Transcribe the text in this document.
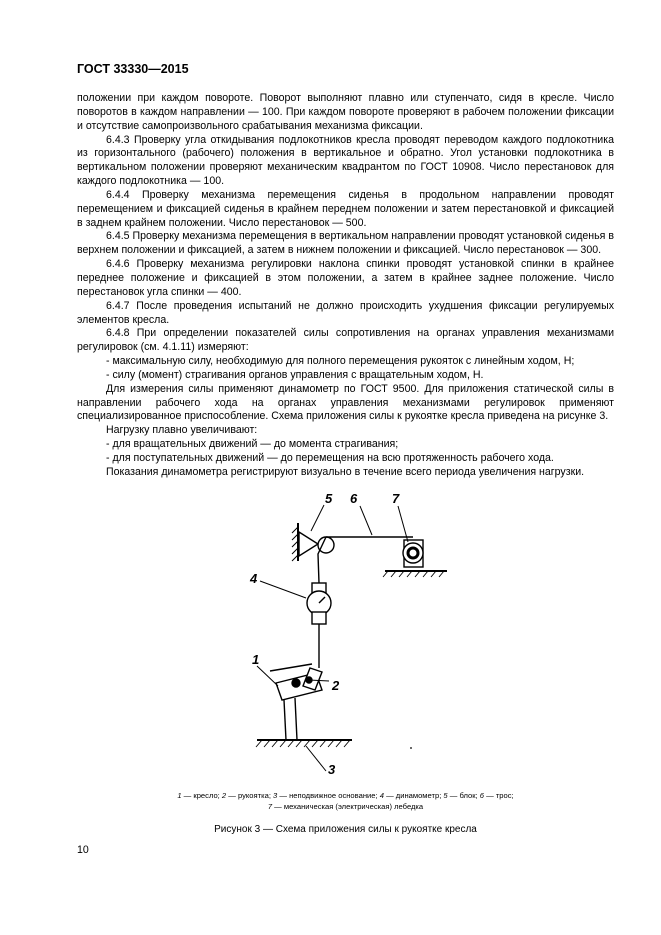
ГОСТ 33330—2015

положении при каждом повороте. Поворот выполняют плавно или ступенчато, сидя в кресле. Число поворотов в каждом направлении — 100. При каждом повороте проверяют в рабочем положении фиксации и отсутствие самопроизвольного срабатывания механизма фиксации.

6.4.3 Проверку угла откидывания подлокотников кресла проводят переводом каждого подлокотника из горизонтального (рабочего) положения в вертикальное и обратно. Угол установки подлокотника в вертикальном положении проверяют механическим квадрантом по ГОСТ 10908. Число перестановок для каждого подлокотника — 100.

6.4.4 Проверку механизма перемещения сиденья в продольном направлении проводят перемещением и фиксацией сиденья в крайнем переднем положении и затем перестановкой и фиксацией в заднем крайнем положении. Число перестановок — 500.

6.4.5 Проверку механизма перемещения в вертикальном направлении проводят установкой сиденья в верхнем положении и фиксацией, а затем в нижнем положении и фиксацией. Число перестановок — 300.

6.4.6 Проверку механизма регулировки наклона спинки проводят установкой спинки в крайнее переднее положение и фиксацией в этом положении, а затем в крайнее заднее положение. Число перестановок угла спинки — 400.

6.4.7 После проведения испытаний не должно происходить ухудшения фиксации регулируемых элементов кресла.

6.4.8 При определении показателей силы сопротивления на органах управления механизмами регулировок (см. 4.1.11) измеряют:

- максимальную силу, необходимую для полного перемещения рукояток с линейным ходом, Н;

- силу (момент) страгивания органов управления с вращательным ходом, Н.

Для измерения силы применяют динамометр по ГОСТ 9500. Для приложения статической силы в направлении рабочего хода на органах управления механизмами регулировок применяют специализированное приспособление. Схема приложения силы к рукоятке кресла приведена на рисунке 3.

Нагрузку плавно увеличивают:

- для вращательных движений — до момента страгивания;

- для поступательных движений — до перемещения на всю протяженность рабочего хода.

Показания динамометра регистрируют визуально в течение всего периода увеличения нагрузки.

5 6	7
4
1
2
3
1 — кресло; 2 — рукоятка; 3 — неподвижное основание; 4 — динамометр; 5 — блок; 6 — трос;
7 — механическая (электрическая) лебедка
Рисунок 3 — Схема приложения силы к рукоятке кресла
10
